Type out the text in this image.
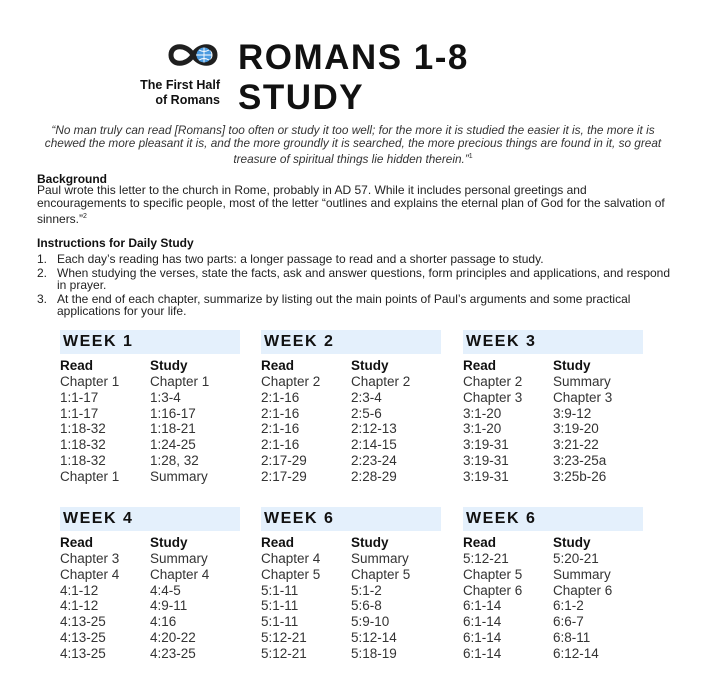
The First Half
of Romans
ROMANS 1-8
STUDY
“No man truly can read [Romans] too often or study it too well; for the more it is studied the easier it is, the more it is chewed the more pleasant it is, and the more groundly it is searched, the more precious things are found in it, so great treasure of spiritual things lie hidden therein.”$^1$
Background
Paul wrote this letter to the church in Rome, probably in AD 57. While it includes personal greetings and encouragements to specific people, most of the letter “outlines and explains the eternal plan of God for the salvation of sinners.”$^2$
Instructions for Daily Study
1. Each day’s reading has two parts: a longer passage to read and a shorter passage to study.
2. When studying the verses, state the facts, ask and answer questions, form principles and applications, and respond in prayer.
3. At the end of each chapter, summarize by listing out the main points of Paul’s arguments and some practical applications for your life.
WEEK 1
Read
Chapter 1
1:1-17
1:1-17
1:18-32
1:18-32
1:18-32
Chapter 1
Study
Chapter 1
1:3-4
1:16-17
1:18-21
1:24-25
1:28, 32
Summary
WEEK 2
Read
Chapter 2
2:1-16
2:1-16
2:1-16
2:1-16
2:17-29
2:17-29
Study
Chapter 2
2:3-4
2:5-6
2:12-13
2:14-15
2:23-24
2:28-29
WEEK 3
Read
Chapter 2
Chapter 3
3:1-20
3:1-20
3:19-31
3:19-31
3:19-31
Study
Summary
Chapter 3
3:9-12
3:19-20
3:21-22
3:23-25a
3:25b-26
WEEK 4
Read
Chapter 3
Chapter 4
4:1-12
4:1-12
4:13-25
4:13-25
4:13-25
Study
Summary
Chapter 4
4:4-5
4:9-11
4:16
4:20-22
4:23-25
WEEK 6
Read
Chapter 4
Chapter 5
5:1-11
5:1-11
5:1-11
5:12-21
5:12-21
Study
Summary
Chapter 5
5:1-2
5:6-8
5:9-10
5:12-14
5:18-19
WEEK 6
Read
5:12-21
Chapter 5
Chapter 6
6:1-14
6:1-14
6:1-14
6:1-14
Study
5:20-21
Summary
Chapter 6
6:1-2
6:6-7
6:8-11
6:12-14
